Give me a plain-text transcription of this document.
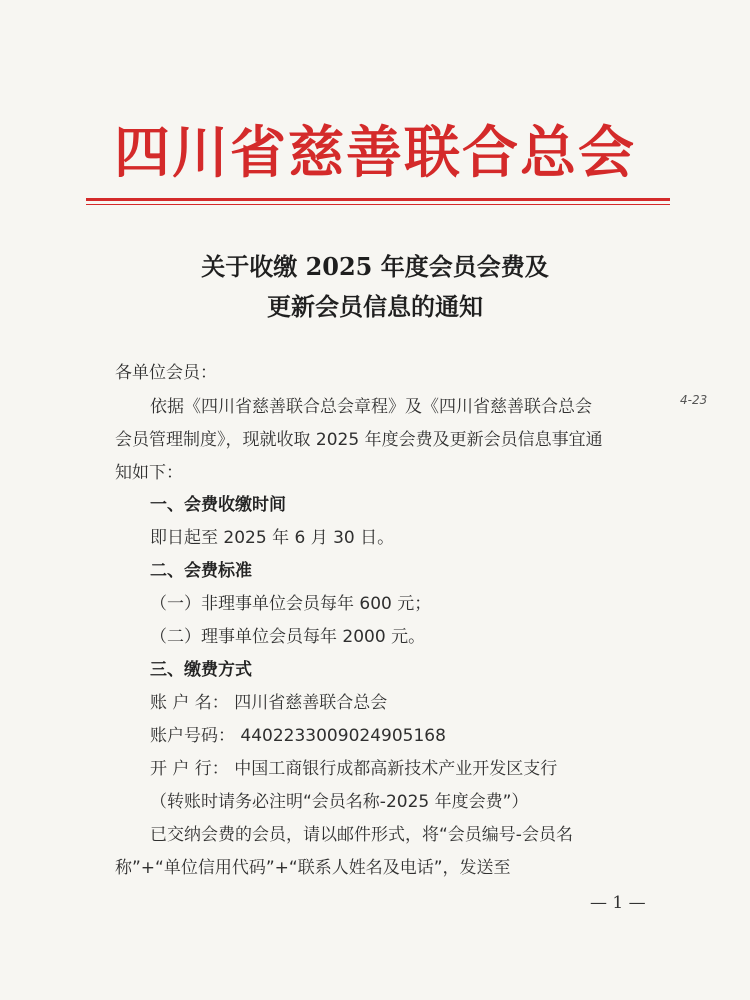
四川省慈善联合总会
关于收缴 2025 年度会员会费及
更新会员信息的通知
各单位会员：
依据《四川省慈善联合总会章程》及《四川省慈善联合总会
会员管理制度》，现就收取 2025 年度会费及更新会员信息事宜通
知如下：
4-23
一、会费收缴时间
即日起至 2025 年 6 月 30 日。
二、会费标准
（一）非理事单位会员每年 600 元；
（二）理事单位会员每年 2000 元。
三、缴费方式
账 户 名： 四川省慈善联合总会
账户号码： 4402233009024905168
开 户 行： 中国工商银行成都高新技术产业开发区支行
（转账时请务必注明“会员名称-2025 年度会费”）
已交纳会费的会员，请以邮件形式，将“会员编号-会员名
称”+“单位信用代码”+“联系人姓名及电话”，发送至
— 1 —
